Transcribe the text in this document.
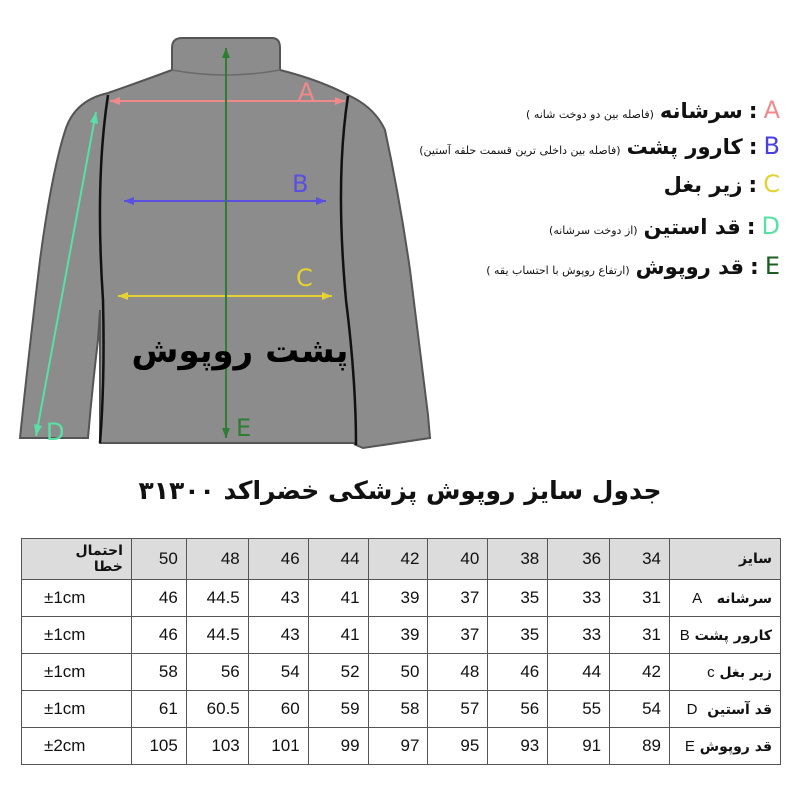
A
B
C
D	E
پشت روپوش
A:سرشانه(فاصله بین دو دوخت شانه )
B:کارور پشت(فاصله بین داخلی ترین قسمت حلقه آستین)
C:زیر بغل
D:قد استین(از دوخت سرشانه)
E:قد روپوش(ارتفاع روپوش با احتساب یقه )
جدول سایز روپوش پزشکی خضراکد ۳۱۳۰۰
احتمال خطا	50	48	46	44	42	40	38	36	34	سایز
±1cm	46	44.5	43	41	39	37	35	33	31	سرشانه   A
±1cm	46	44.5	43	41	39	37	35	33	31	کارور پشت B
±1cm	58	56	54	52	50	48	46	44	42	زیر بغل c
±1cm	61	60.5	60	59	58	57	56	55	54	قد آستین  D
±2cm	105	103	101	99	97	95	93	91	89	قد روپوش E
